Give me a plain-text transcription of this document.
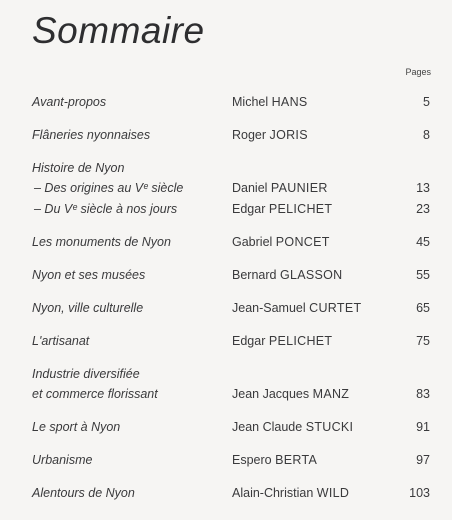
Sommaire
Pages
Avant-propos	Michel HANS	5
Flâneries nyonnaises	Roger JORIS	8
Histoire de Nyon
– Des origines au Vᵉ siècle	Daniel PAUNIER	13
– Du Vᵉ siècle à nos jours	Edgar PELICHET	23
Les monuments de Nyon	Gabriel PONCET	45
Nyon et ses musées	Bernard GLASSON	55
Nyon, ville culturelle	Jean-Samuel CURTET	65
L'artisanat	Edgar PELICHET	75
Industrie diversifiée
et commerce florissant	Jean Jacques MANZ	83
Le sport à Nyon	Jean Claude STUCKI	91
Urbanisme	Espero BERTA	97
Alentours de Nyon	Alain-Christian WILD	103
